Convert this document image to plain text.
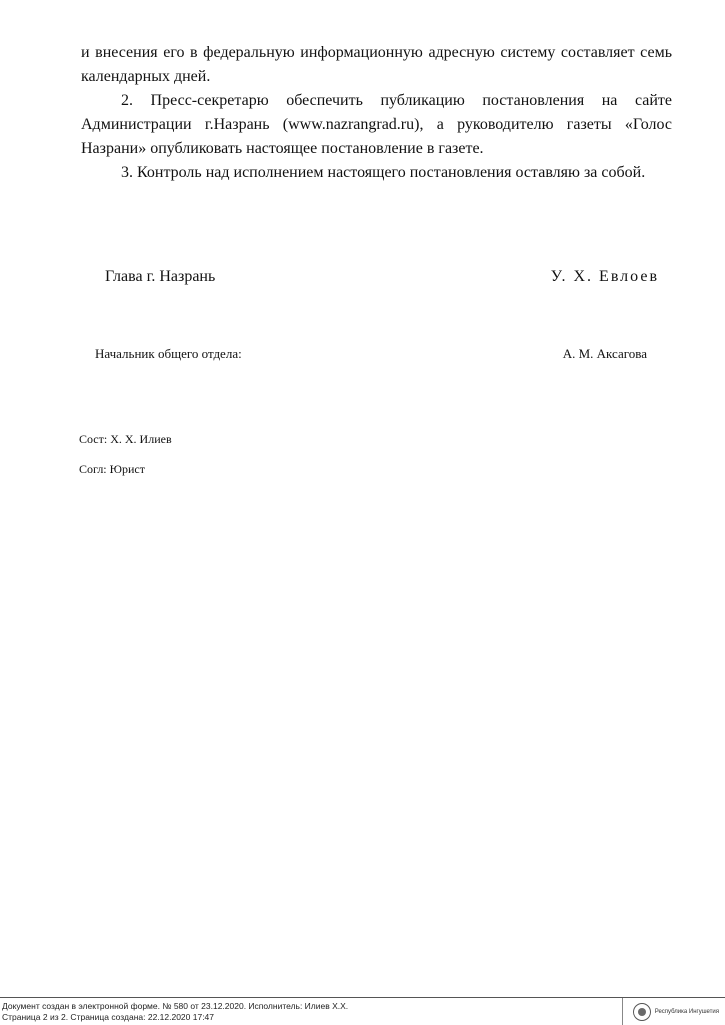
и внесения его в федеральную информационную адресную систему составляет семь календарных дней.

2. Пресс-секретарю обеспечить публикацию постановления на сайте Администрации г.Назрань (www.nazrangrad.ru), а руководителю газеты «Голос Назрани» опубликовать настоящее постановление в газете.

3. Контроль над исполнением настоящего постановления оставляю за собой.

Глава г. Назрань	У. Х. Евлоев
Начальник общего отдела:	А. М. Аксагова
Сост: Х. Х. Илиев
Согл: Юрист
Документ создан в электронной форме. № 580 от 23.12.2020. Исполнитель: Илиев Х.Х.
Страница 2 из 2. Страница создана: 22.12.2020 17:47	Республика Ингушетия
